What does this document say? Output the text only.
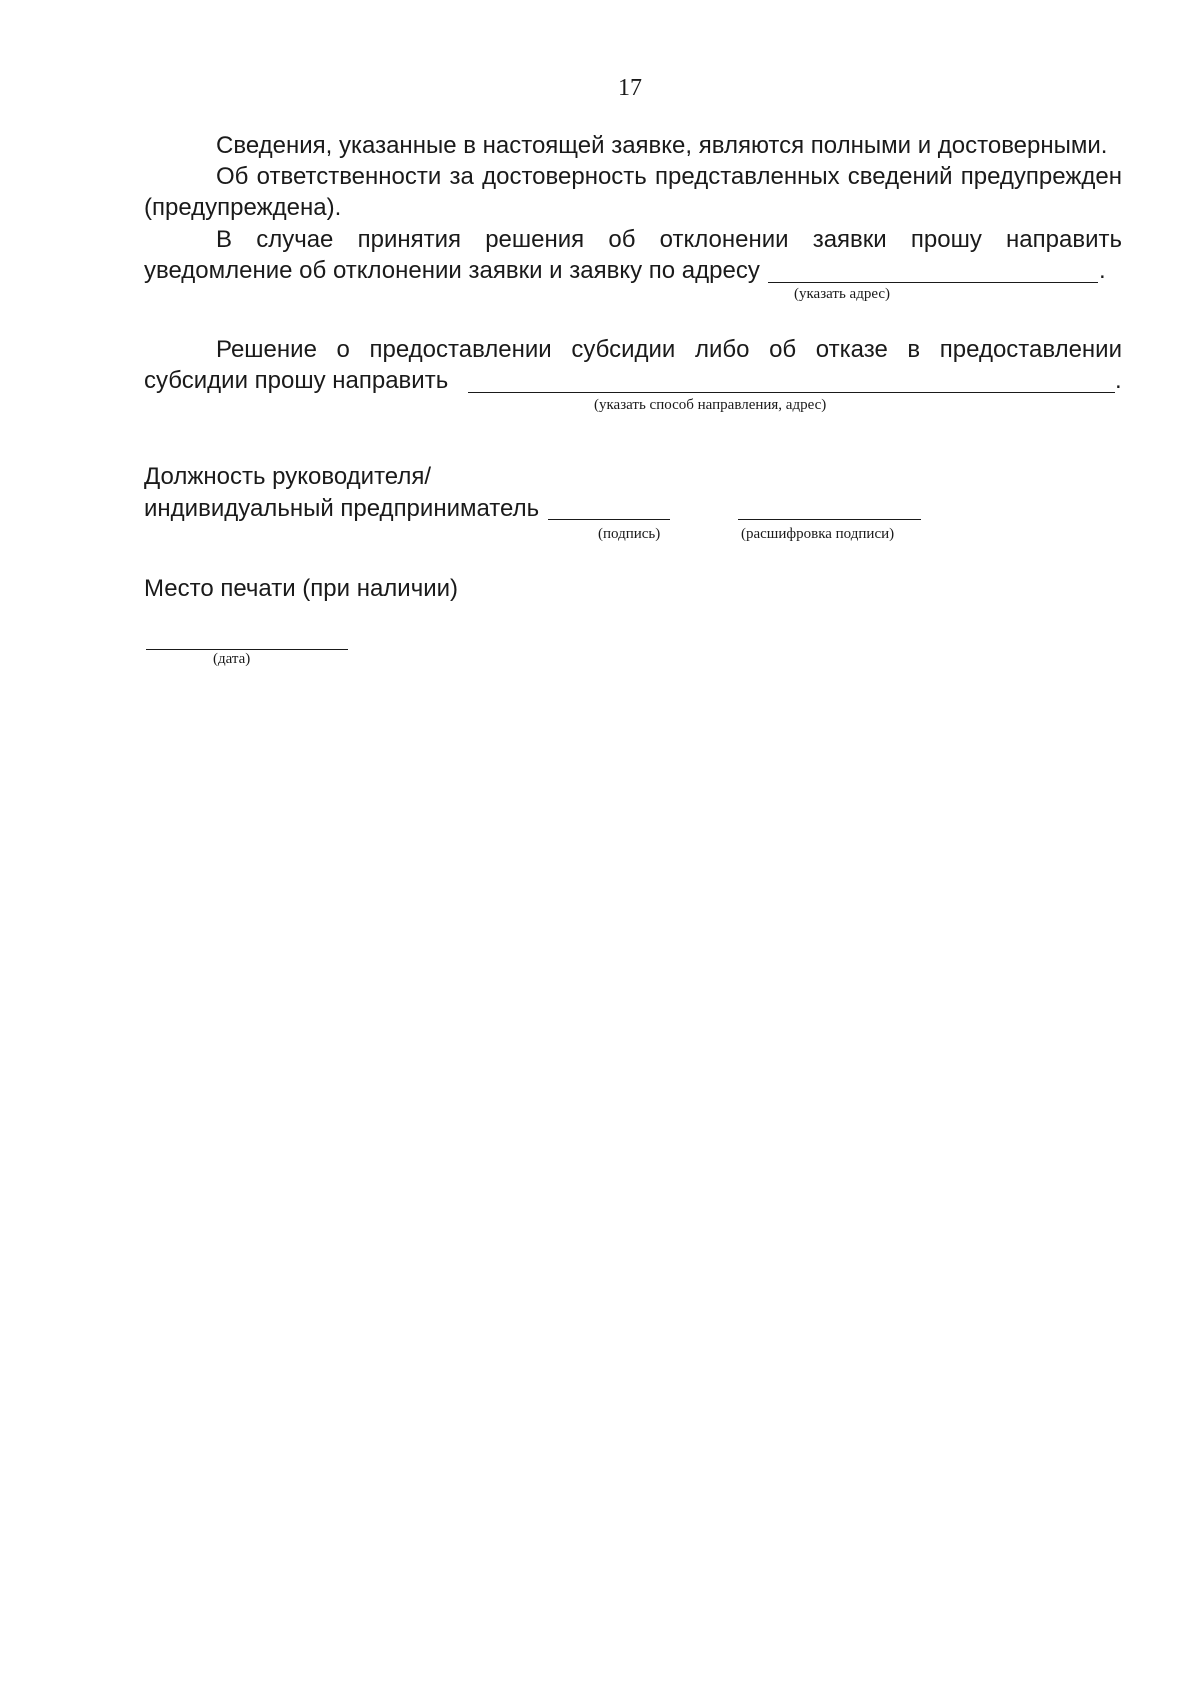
17
Сведения, указанные в настоящей заявке, являются полными и достоверными.
Об ответственности за достоверность представленных сведений предупрежден
(предупреждена).
В случае принятия решения об отклонении заявки прошу направить
уведомление об отклонении заявки и заявку по адресу	.
(указать адрес)
Решение о предоставлении субсидии либо об отказе в предоставлении
субсидии прошу направить	.
(указать способ направления, адрес)
Должность руководителя/
индивидуальный предприниматель
(подпись)	(расшифровка подписи)
Место печати (при наличии)
(дата)
